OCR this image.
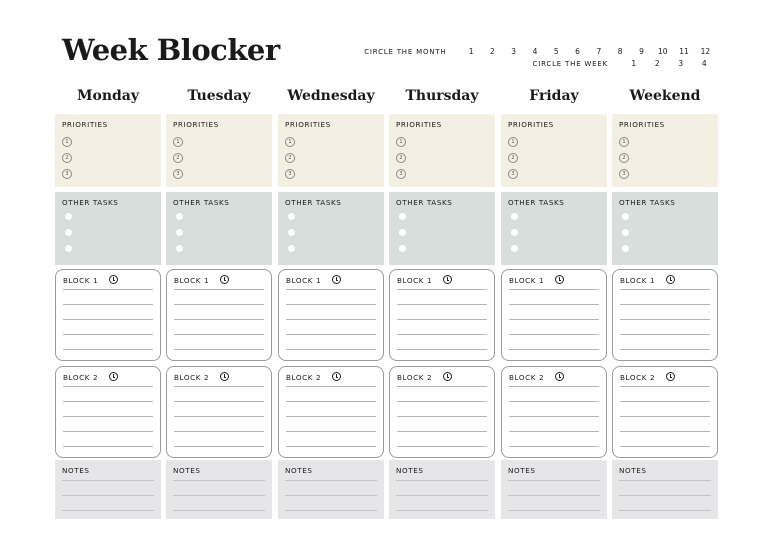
Week Blocker	CIRCLE THE MONTH	1 2 3 4 5 6 7 8 9 10 11 12
CIRCLE THE WEEK	1 2 3 4
Monday
PRIORITIES
1
2
3
OTHER TASKS
BLOCK 1
BLOCK 2
NOTES
Tuesday
PRIORITIES
1
2
3
OTHER TASKS
BLOCK 1
BLOCK 2
NOTES
Wednesday
PRIORITIES
1
2
3
OTHER TASKS
BLOCK 1
BLOCK 2
NOTES
Thursday
PRIORITIES
1
2
3
OTHER TASKS
BLOCK 1
BLOCK 2
NOTES
Friday
PRIORITIES
1
2
3
OTHER TASKS
BLOCK 1
BLOCK 2
NOTES
Weekend
PRIORITIES
1
2
3
OTHER TASKS
BLOCK 1
BLOCK 2
NOTES
